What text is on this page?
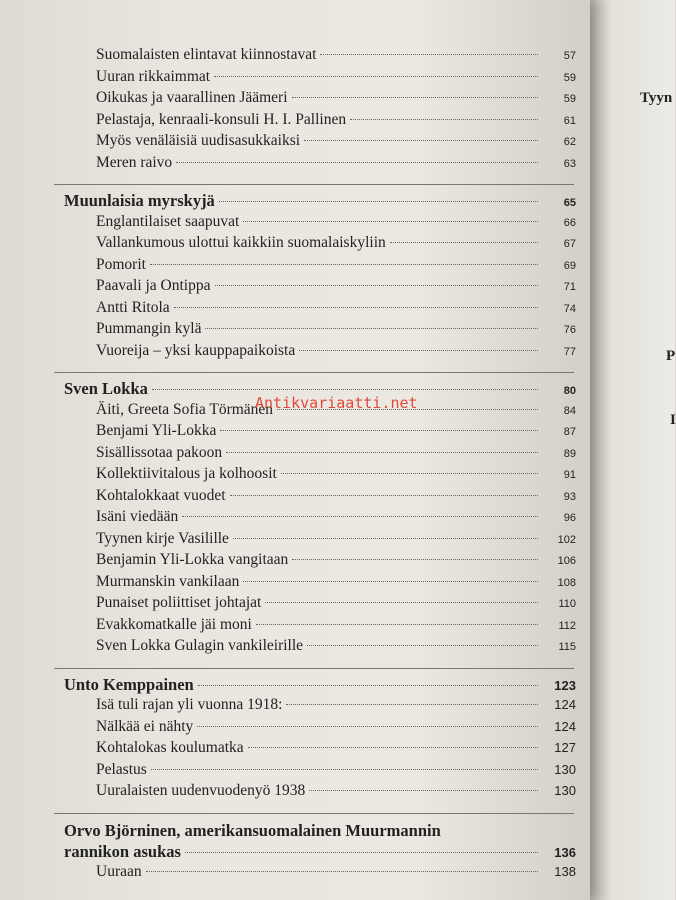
Tyyn
P
I
Suomalaisten elintavat kiinnostavat	57
Uuran rikkaimmat	59
Oikukas ja vaarallinen Jäämeri	59
Pelastaja, kenraali-konsuli H. I. Pallinen	61
Myös venäläisiä uudisasukkaiksi	62
Meren raivo	63
Muunlaisia myrskyjä	65
Englantilaiset saapuvat	66
Vallankumous ulottui kaikkiin suomalaiskyliin	67
Pomorit	69
Paavali ja Ontippa	71
Antti Ritola	74
Pummangin kylä	76
Vuoreija – yksi kauppapaikoista	77
Sven Lokka	80
Äiti, Greeta Sofia Törmänen	84
Benjami Yli-Lokka	87
Sisällissotaa pakoon	89
Kollektiivitalous ja kolhoosit	91
Kohtalokkaat vuodet	93
Isäni viedään	96
Tyynen kirje Vasilille	102
Benjamin Yli-Lokka vangitaan	106
Murmanskin vankilaan	108
Punaiset poliittiset johtajat	110
Evakkomatkalle jäi moni	112
Sven Lokka Gulagin vankileirille	115
Unto Kemppainen	123
Isä tuli rajan yli vuonna 1918:	124
Nälkää ei nähty	124
Kohtalokas koulumatka	127
Pelastus	130
Uuralaisten uudenvuodenyö 1938	130
Orvo Björninen, amerikansuomalainen Muurmannin
rannikon asukas	136
Uuraan	138
Antikvariaatti.net
